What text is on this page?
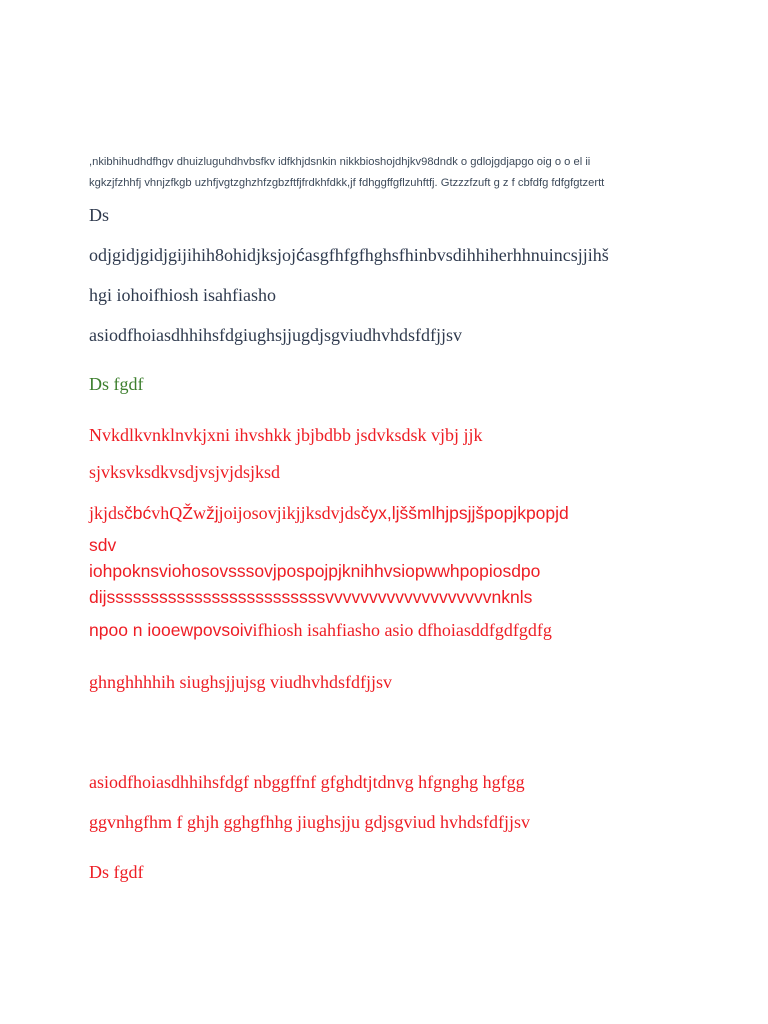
,nkibhihudhdfhgv dhuizluguhdhvbsfkv idfkhjdsnkin nikkbioshojdhjkv98dndk o gdlojgdjapgo oig o o el ii
kgkzjfzhhfj vhnjzfkgb uzhfjvgtzghzhfzgbzftfjfrdkhfdkk,jf fdhggffgflzuhftfj. Gtzzzfzuft g z f cbfdfg fdfgfgtzertt
Ds
odjgidjgidjgijihih8ohidjksjojćasgfhfgfhghsfhinbvsdihhiherhhnuincsjjihš
hgi iohoifhiosh isahfiasho
asiodfhoiasdhhihsfdgiughsjjugdjsgviudhvhdsfdfjjsv
Ds fgdf
Nvkdlkvnklnvkjxni ihvshkk jbjbdbb jsdvksdsk vjbj jjk
sjvksvksdkvsdjvsjvjdsjksd
jkjdsčbćvhQŽwžjjoijosovjikjjksdvjdsčyx,ljššmlhjpsjjšpopjkpopjd
sdv
iohpoknsviohosovsssovjpospojpjknihhvsiopwwhpopiosdpo
dijsssssssssssssssssssssssssvvvvvvvvvvvvvvvvvvvnknls
npoo n iooewpovsoivifhiosh isahfiasho asio dfhoiasddfgdfgdfg
ghnghhhhih siughsjjujsg viudhvhdsfdfjjsv
asiodfhoiasdhhihsfdgf nbggffnf gfghdtjtdnvg hfgnghg hgfgg
ggvnhgfhm f ghjh gghgfhhg jiughsjju gdjsgviud hvhdsfdfjjsv
Ds fgdf
